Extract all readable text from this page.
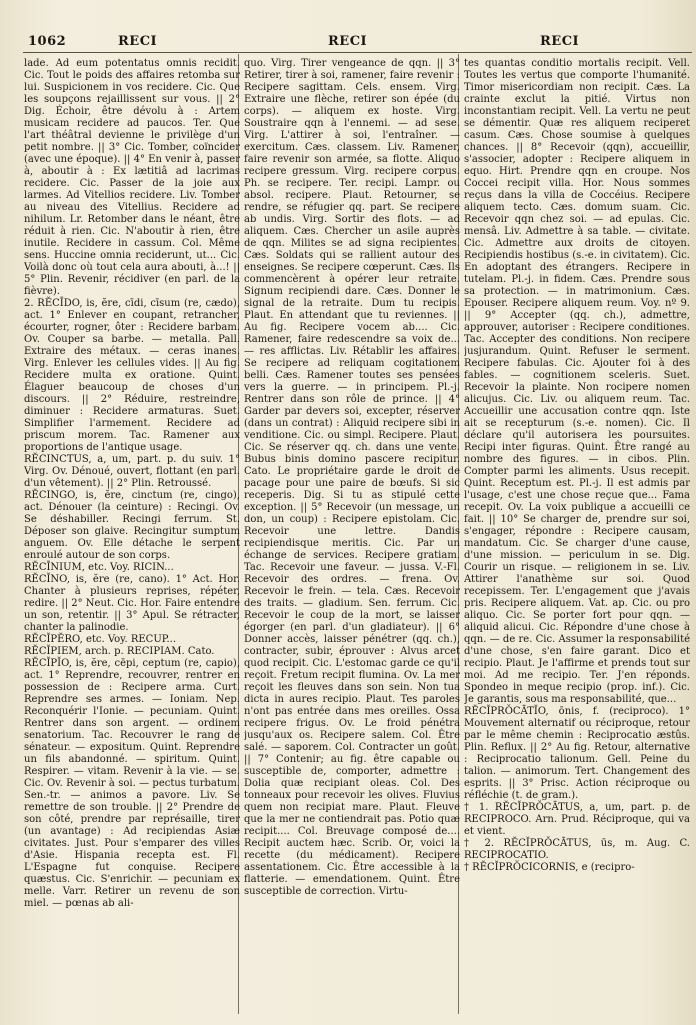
1062	RECI	RECI	RECI

lade. Ad eum potentatus omnis recidit. Cic. Tout le poids des affaires retomba sur lui. Suspicionem in vos recidere. Cic. Que les soupçons rejaillissent sur vous. || 2° Dig. Échoir, être dévolu à : Artem musicam recidere ad paucos. Ter. Que l'art théâtral devienne le privilège d'un petit nombre. || 3° Cic. Tomber, coïncider (avec une époque). || 4° En venir à, passer à, aboutir à : Ex lætitiâ ad lacrimas recidere. Cic. Passer de la joie aux larmes. Ad Vitellios recidere. Liv. Tomber au niveau des Vitellius. Recidere ad nihilum. Lr. Retomber dans le néant, être réduit à rien. Cic. N'aboutir à rien, être inutile. Recidere in cassum. Col. Même sens. Huccine omnia reciderunt, ut... Cic. Voilà donc où tout cela aura abouti, à...! || 5° Plin. Revenir, récidiver (en parl. de la fièvre).

2. RĔCĪDO, is, ĕre, cīdi, cīsum (re, cædo), act. 1° Enlever en coupant, retrancher, écourter, rogner, ôter : Recidere barbam. Ov. Couper sa barbe. — metalla. Pall. Extraire des métaux. — ceras inanes. Virg. Enlever les cellules vides. || Au fig. Recidere multa ex oratione. Quint. Élaguer beaucoup de choses d'un discours. || 2° Réduire, restreindre, diminuer : Recidere armaturas. Suet. Simplifier l'armement. Recidere ad priscum morem. Tac. Ramener aux proportions de l'antique usage.

RĔCINCTUS, a, um, part. p. du suiv. 1° Virg. Ov. Dénoué, ouvert, flottant (en parl. d'un vêtement). || 2° Plin. Retroussé.

RĔCINGO, is, ĕre, cinctum (re, cingo), act. Dénouer (la ceinture) : Recingi. Ov. Se déshabiller. Recingi ferrum. St. Déposer son glaive. Recingitur sumptum anguem. Ov. Elle détache le serpent enroulé autour de son corps.

RĔCĪNIUM, etc. Voy. RICIN...

RĔCĬNO, is, ĕre (re, cano). 1° Act. Hor. Chanter à plusieurs reprises, répéter, redire. || 2° Neut. Cic. Hor. Faire entendre un son, retentir. || 3° Apul. Se rétracter, chanter la palinodie.

RĔCĬPĔRO, etc. Voy. RECUP...

RĔCĬPIEM, arch. p. RECIPIAM. Cato.

RĔCĬPĬO, is, ĕre, cēpi, ceptum (re, capio), act. 1° Reprendre, recouvrer, rentrer en possession de : Recipere arma. Curt. Reprendre ses armes. — Ioniam. Nep. Reconquérir l'Ionie. — pecuniam. Quint. Rentrer dans son argent. — ordinem senatorium. Tac. Recouvrer le rang de sénateur. — expositum. Quint. Reprendre un fils abandonné. — spiritum. Quint. Respirer. — vitam. Revenir à la vie. — se. Cic. Ov. Revenir à soi. — pectus turbatum. Sen.-tr. — animos a pavore. Liv. Se remettre de son trouble. || 2° Prendre de son côté, prendre par représaille, tirer (un avantage) : Ad recipiendas Asiæ civitates. Just. Pour s'emparer des villes d'Asie. Hispania recepta est. Fl. L'Espagne fut conquise. Recipere quæstus. Cic. S'enrichir. — pecuniam ex melle. Varr. Retirer un revenu de son miel. — pœnas ab ali-

quo. Virg. Tirer vengeance de qqn. || 3° Retirer, tirer à soi, ramener, faire revenir : Recipere sagittam. Cels. ensem. Virg. Extraire une flèche, retirer son épée (du corps). — aliquem ex hoste. Virg. Soustraire qqn à l'ennemi. — ad sese. Virg. L'attirer à soi, l'entraîner. — exercitum. Cæs. classem. Liv. Ramener, faire revenir son armée, sa flotte. Aliquo recipere gressum. Virg. recipere corpus. Ph. se recipere. Ter. recipi. Lampr. ou absol. recipere. Plaut. Retourner, se rendre, se réfugier qq. part. Se recipere ab undis. Virg. Sortir des flots. — ad aliquem. Cæs. Chercher un asile auprès de qqn. Milites se ad signa recipientes. Cæs. Soldats qui se rallient autour des enseignes. Se recipere cœperunt. Cæs. Ils commencèrent à opérer leur retraite. Signum recipiendi dare. Cæs. Donner le signal de la retraite. Dum tu recipis. Plaut. En attendant que tu reviennes. || Au fig. Recipere vocem ab.... Cic. Ramener, faire redescendre sa voix de... — res afflictas. Liv. Rétablir les affaires. Se recipere ad reliquam cogitationem belli. Cæs. Ramener toutes ses pensées vers la guerre. — in principem. Pl.-j. Rentrer dans son rôle de prince. || 4° Garder par devers soi, excepter, réserver (dans un contrat) : Aliquid recipere sibi in venditione. Cic. ou simpl. Recipere. Plaut. Cic. Se réserver qq. ch. dans une vente. Bubus binis domino pascere recipitur. Cato. Le propriétaire garde le droit de pacage pour une paire de bœufs. Si sic receperis. Dig. Si tu as stipulé cette exception. || 5° Recevoir (un message, un don, un coup) : Recipere epistolam. Cic. Recevoir une lettre. Dandis recipiendisque meritis. Cic. Par un échange de services. Recipere gratiam. Tac. Recevoir une faveur. — jussa. V.-Fl. Recevoir des ordres. — frena. Ov. Recevoir le frein. — tela. Cæs. Recevoir des traits. — gladium. Sen. ferrum. Cic. Recevoir le coup de la mort, se laisser égorger (en parl. d'un gladiateur). || 6° Donner accès, laisser pénétrer (qq. ch.), contracter, subir, éprouver : Alvus arcet quod recipit. Cic. L'estomac garde ce qu'il reçoit. Fretum recipit flumina. Ov. La mer reçoit les fleuves dans son sein. Non tua dicta in aures recipio. Plaut. Tes paroles n'ont pas entrée dans mes oreilles. Ossa recipere frigus. Ov. Le froid pénétra jusqu'aux os. Recipere salem. Col. Être salé. — saporem. Col. Contracter un goût. || 7° Contenir; au fig. être capable ou susceptible de, comporter, admettre : Dolia quæ recipiant oleas. Col. Des tonneaux pour recevoir les olives. Fluvius quem non recipiat mare. Plaut. Fleuve que la mer ne contiendrait pas. Potio quæ recipit.... Col. Breuvage composé de.... Recipit auctem hæc. Scrib. Or, voici la recette (du médicament). Recipere assentationem. Cic. Être accessible à la flatterie. — emendationem. Quint. Être susceptible de correction. Virtu-

tes quantas conditio mortalis recipit. Vell. Toutes les vertus que comporte l'humanité. Timor misericordiam non recipit. Cæs. La crainte exclut la pitié. Virtus non inconstantiam recipit. Vell. La vertu ne peut se démentir. Quæ res aliquem reciperet casum. Cæs. Chose soumise à quelques chances. || 8° Recevoir (qqn), accueillir, s'associer, adopter : Recipere aliquem in equo. Hirt. Prendre qqn en croupe. Nos Coccei recipit villa. Hor. Nous sommes reçus dans la villa de Coccéius. Recipere aliquem tecto. Cæs. domum suam. Cic. Recevoir qqn chez soi. — ad epulas. Cic. mensâ. Liv. Admettre à sa table. — civitate. Cic. Admettre aux droits de citoyen. Recipiendis hostibus (s.-e. in civitatem). Cic. En adoptant des étrangers. Recipere in tutelam. Pl.-j. in fidem. Cæs. Prendre sous sa protection. — in matrimonium. Cæs. Epouser. Recipere aliquem reum. Voy. nº 9. || 9° Accepter (qq. ch.), admettre, approuver, autoriser : Recipere conditiones. Tac. Accepter des conditions. Non recipere jusjurandum. Quint. Refuser le serment. Recipere fabulas. Cic. Ajouter foi à des fables. — cognitionem sceleris. Suet. Recevoir la plainte. Non rocipere nomen alicujus. Cic. Liv. ou aliquem reum. Tac. Accueillir une accusation contre qqn. Iste ait se recepturum (s.-e. nomen). Cic. Il déclare qu'il autorisera les poursuites. Recipi inter figuras. Quint. Être rangé au nombre des figures. — in cibos. Plin. Compter parmi les aliments. Usus recepit. Quint. Receptum est. Pl.-j. Il est admis par l'usage, c'est une chose reçue que... Fama recepit. Ov. La voix publique a accueilli ce fait. || 10° Se charger de, prendre sur soi, s'engager, répondre : Recipere causam, mandatum. Cic. Se charger d'une cause, d'une mission. — periculum in se. Dig. Courir un risque. — religionem in se. Liv. Attirer l'anathème sur soi. Quod recepissem. Ter. L'engagement que j'avais pris. Recipere aliquem. Vat. ap. Cic. ou pro aliquo. Cic. Se porter fort pour qqn. — aliquid alicui. Cic. Répondre d'une chose à qqn. — de re. Cic. Assumer la responsabilité d'une chose, s'en faire garant. Dico et recipio. Plaut. Je l'affirme et prends tout sur moi. Ad me recipio. Ter. J'en réponds. Spondeo in meque recipio (prop. inf.). Cic. Je garantis, sous ma responsabilité, que...

RĔCĬPRŎCĀTĬO, ōnis, f. (reciproco). 1° Mouvement alternatif ou réciproque, retour par le même chemin : Reciprocatio æstûs. Plin. Reflux. || 2° Au fig. Retour, alternative : Reciprocatio talionum. Gell. Peine du talion. — animorum. Tert. Changement des esprits. || 3° Prisc. Action réciproque ou réfléchie (t. de gram.).

† 1. RĔCĬPRŎCĀTUS, a, um, part. p. de RECIPROCO. Arn. Prud. Réciproque, qui va et vient.

† 2. RĔCĬPRŎCĀTUS, ūs, m. Aug. C. RECIPROCATIO.

† RĔCĬPRŎCICORNIS, e (recipro-
